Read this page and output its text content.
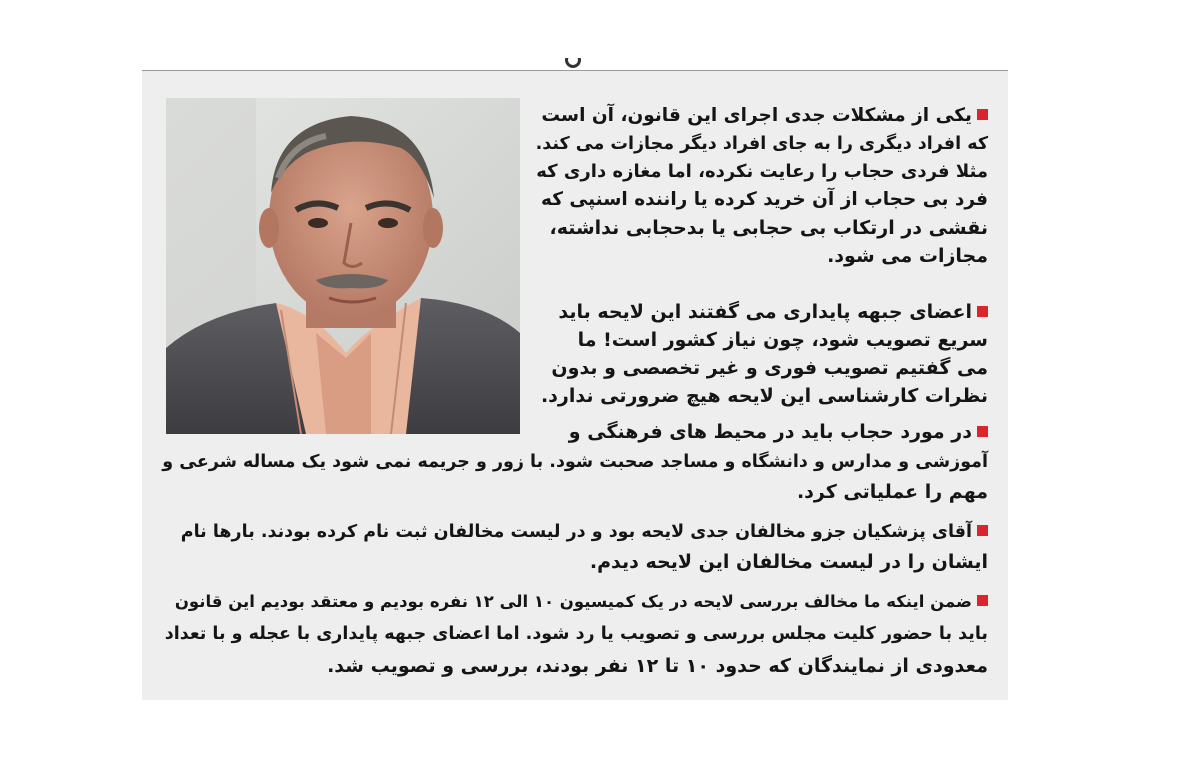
یکی از مشکلات جدی اجرای این قانون، آن است
که افراد دیگری را به جای افراد دیگر مجازات می کند.
مثلا فردی حجاب را رعایت نکرده، اما مغازه داری که
فرد بی حجاب از آن خرید کرده یا راننده اسنپی که
نقشی در ارتکاب بی حجابی یا بدحجابی نداشته،
مجازات می شود.
اعضای جبهه پایداری می گفتند این لایحه باید
سریع تصویب شود، چون نیاز کشور است! ما
می گفتیم تصویب فوری و غیر تخصصی و بدون
نظرات کارشناسی این لایحه هیچ ضرورتی ندارد.
در مورد حجاب باید در محیط های فرهنگی و
آموزشی و مدارس و دانشگاه و مساجد صحبت شود. با زور و جریمه نمی شود یک مساله شرعی و
مهم را عملیاتی کرد.
آقای پزشکیان جزو مخالفان جدی لایحه بود و در لیست مخالفان ثبت نام کرده بودند. بارها نام
ایشان را در لیست مخالفان این لایحه دیدم.
ضمن اینکه ما مخالف بررسی لایحه در یک کمیسیون ۱۰ الی ۱۲ نفره بودیم و معتقد بودیم این قانون
باید با حضور کلیت مجلس بررسی و تصویب یا رد شود. اما اعضای جبهه پایداری با عجله و با تعداد
معدودی از نمایندگان که حدود ۱۰ تا ۱۲ نفر بودند، بررسی و تصویب شد.
